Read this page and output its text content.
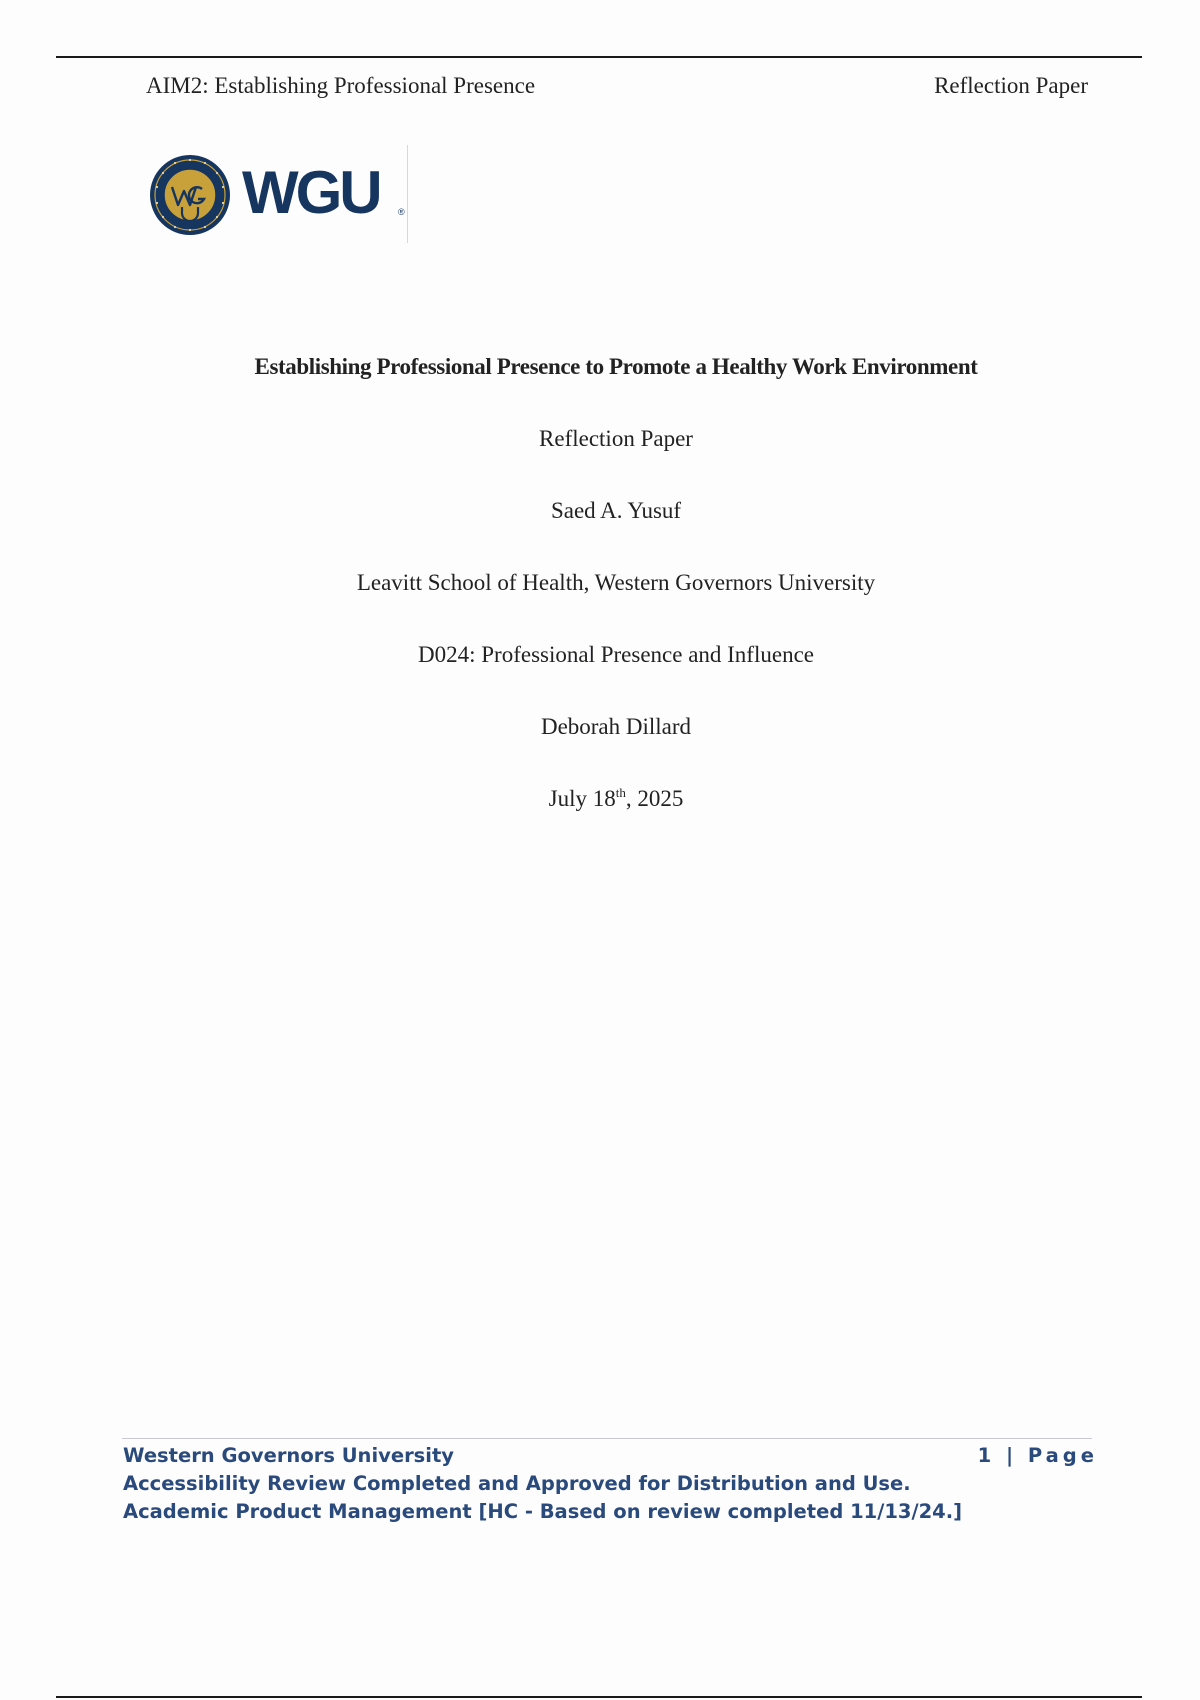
AIM2: Establishing Professional Presence	Reflection Paper
WGU ®
Establishing Professional Presence to Promote a Healthy Work Environment
Reflection Paper
Saed A. Yusuf
Leavitt School of Health, Western Governors University
D024: Professional Presence and Influence
Deborah Dillard
July 18th, 2025
Western Governors University	1 | Page
Accessibility Review Completed and Approved for Distribution and Use.
Academic Product Management [HC - Based on review completed 11/13/24.]
